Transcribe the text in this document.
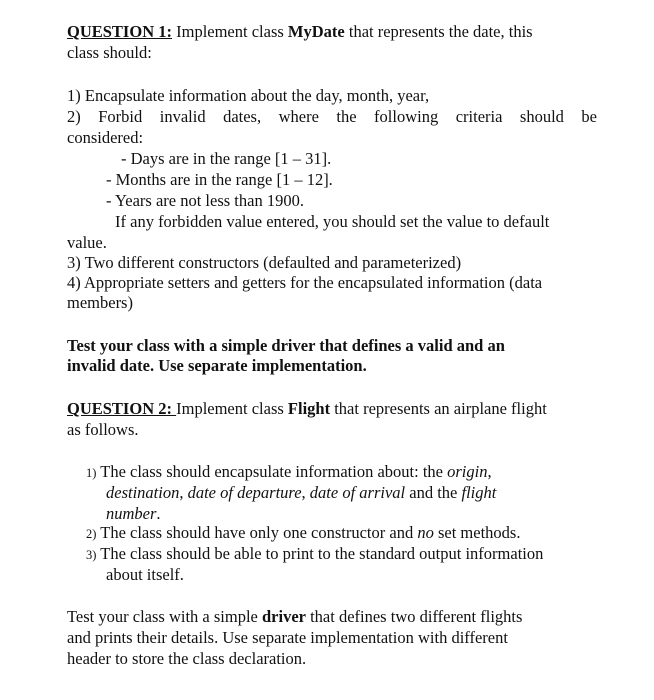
QUESTION 1: Implement class MyDate that represents the date, this
class should:
1) Encapsulate information about the day, month, year,
2) Forbid invalid dates, where the following criteria should be
considered:
- Days are in the range [1 – 31].
- Months are in the range [1 – 12].
- Years are not less than 1900.
If any forbidden value entered, you should set the value to default
value.
3) Two different constructors (defaulted and parameterized)
4) Appropriate setters and getters for the encapsulated information (data
members)
Test your class with a simple driver that defines a valid and an
invalid date. Use separate implementation.
QUESTION 2: Implement class Flight that represents an airplane flight
as follows.
1) The class should encapsulate information about: the origin,
destination, date of departure, date of arrival and the flight
number.
2) The class should have only one constructor and no set methods.
3) The class should be able to print to the standard output information
about itself.
Test your class with a simple driver that defines two different flights
and prints their details. Use separate implementation with different
header to store the class declaration.
